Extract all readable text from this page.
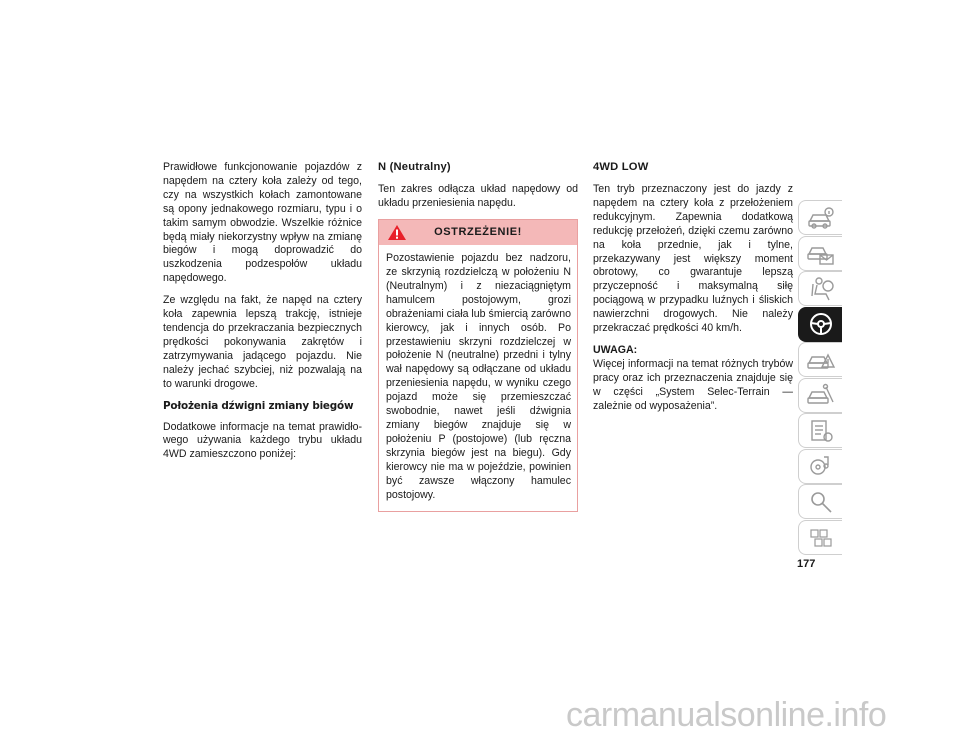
Prawidłowe funkcjonowanie pojazdów z napędem na cztery koła zależy od tego, czy na wszystkich kołach zamontowane są opony jednakowego rozmiaru, typu i o takim samym obwodzie. Wszelkie różnice będą miały niekorzystny wpływ na zmianę biegów i mogą doprowadzić do uszkodzenia podzespołów układu napędowego.

Ze względu na fakt, że napęd na cztery koła zapewnia lepszą trakcję, istnieje tendencja do przekraczania bezpiecznych prędkości pokonywania zakrętów i zatrzymywania jadącego pojazdu. Nie należy jechać szybciej, niż pozwalają na to warunki drogowe.

Położenia dźwigni zmiany biegów

Dodatkowe informacje na temat prawidłowego używania każdego trybu układu 4WD zamieszczono poniżej:

N (Neutralny)

Ten zakres odłącza układ napędowy od układu przeniesienia napędu.

OSTRZEŻENIE!
Pozostawienie pojazdu bez nadzoru, ze skrzynią rozdzielczą w położeniu N (Neutralnym) i z niezaciągniętym hamulcem postojowym, grozi obrażeniami ciała lub śmiercią zarówno kierowcy, jak i innych osób. Po przestawieniu skrzyni rozdzielczej w położenie N (neutralne) przedni i tylny wał napędowy są odłączane od układu przeniesienia napędu, w wyniku czego pojazd może się przemieszczać swobodnie, nawet jeśli dźwignia zmiany biegów znajduje się w położeniu P (postojowe) (lub ręczna skrzynia biegów jest na biegu). Gdy kierowcy nie ma w pojeździe, powinien być zawsze włączony hamulec postojowy.
4WD LOW

Ten tryb przeznaczony jest do jazdy z napędem na cztery koła z przełożeniem redukcyjnym. Zapewnia dodatkową redukcję przełożeń, dzięki czemu zarówno na koła przednie, jak i tylne, przekazywany jest większy moment obrotowy, co gwarantuje lepszą przyczepność i maksymalną siłę pociągową w przypadku luźnych i śliskich nawierzchni drogowych. Nie należy przekraczać prędkości 40 km/h.

UWAGA:
Więcej informacji na temat różnych trybów pracy oraz ich przeznaczenia znajduje się w części „System Selec-Terrain — zależnie od wyposażenia”.
177
carmanualsonline.info
